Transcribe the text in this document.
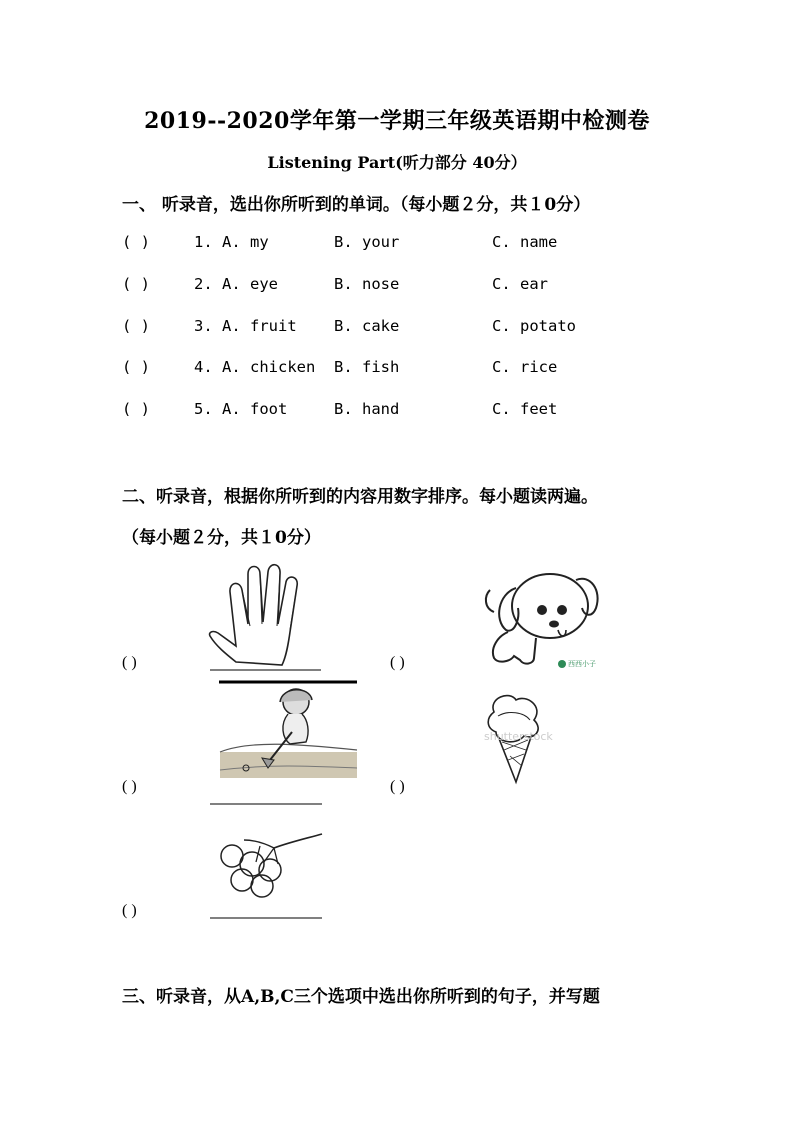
2019--2020学年第一学期三年级英语期中检测卷
Listening Part(听力部分 40分）
一、 听录音，选出你所听到的单词。（每小题２分，共１0分）
( )	1. A. my	B. your	C. name
( )	2. A. eye	B. nose	C. ear
( )	3. A. fruit B. cake	C. potato
( )	4. A. chicken B. fish	C. rice
( )	5. A. foot	B. hand	C. feet
二、听录音，根据你所听到的内容用数字排序。每小题读两遍。
（每小题２分，共１0分）
( )	西西小子
( )
( )
shutterstock
( )
( )
三、听录音，从A,B,C三个选项中选出你所听到的句子，并写题
